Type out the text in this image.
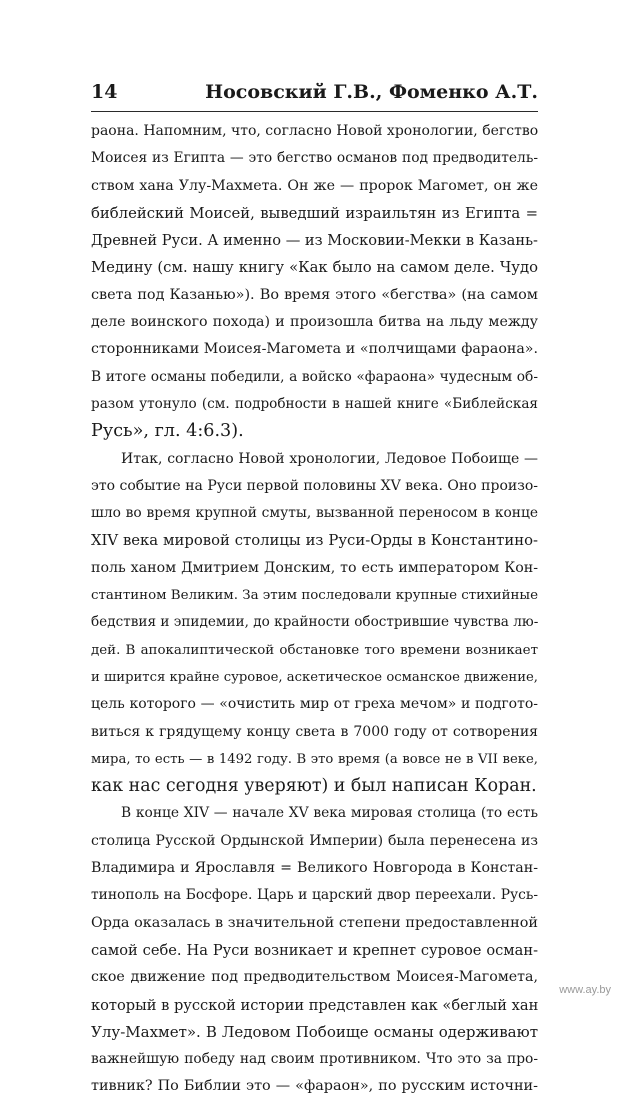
14	Носовский Г.В., Фоменко А.Т.
раона. Напомним, что, согласно Новой хронологии, бегство
Моисея из Египта — это бегство османов под предводитель-
ством хана Улу-Махмета. Он же — пророк Магомет, он же
библейский Моисей, выведший израильтян из Египта =
Древней Руси. А именно — из Московии-Мекки в Казань-
Медину (см. нашу книгу «Как было на самом деле. Чудо
света под Казанью»). Во время этого «бегства» (на самом
деле воинского похода) и произошла битва на льду между
сторонниками Моисея-Магомета и «полчищами фараона».
В итоге османы победили, а войско «фараона» чудесным об-
разом утонуло (см. подробности в нашей книге «Библейская
Русь», гл. 4:6.3).
Итак, согласно Новой хронологии, Ледовое Побоище —
это событие на Руси первой половины XV века. Оно произо-
шло во время крупной смуты, вызванной переносом в конце
XIV века мировой столицы из Руси-Орды в Константино-
поль ханом Дмитрием Донским, то есть императором Кон-
стантином Великим. За этим последовали крупные стихийные
бедствия и эпидемии, до крайности обострившие чувства лю-
дей. В апокалиптической обстановке того времени возникает
и ширится крайне суровое, аскетическое османское движение,
цель которого — «очистить мир от греха мечом» и подгото-
виться к грядущему концу света в 7000 году от сотворения
мира, то есть — в 1492 году. В это время (а вовсе не в VII веке,
как нас сегодня уверяют) и был написан Коран.
В конце XIV — начале XV века мировая столица (то есть
столица Русской Ордынской Империи) была перенесена из
Владимира и Ярославля = Великого Новгорода в Констан-
тинополь на Босфоре. Царь и царский двор переехали. Русь-
Орда оказалась в значительной степени предоставленной
самой себе. На Руси возникает и крепнет суровое осман-
ское движение под предводительством Моисея-Магомета,
который в русской истории представлен как «беглый хан
Улу-Махмет». В Ледовом Побоище османы одерживают
важнейшую победу над своим противником. Что это за про-
тивник? По Библии это — «фараон», по русским источни-
www.ay.by
